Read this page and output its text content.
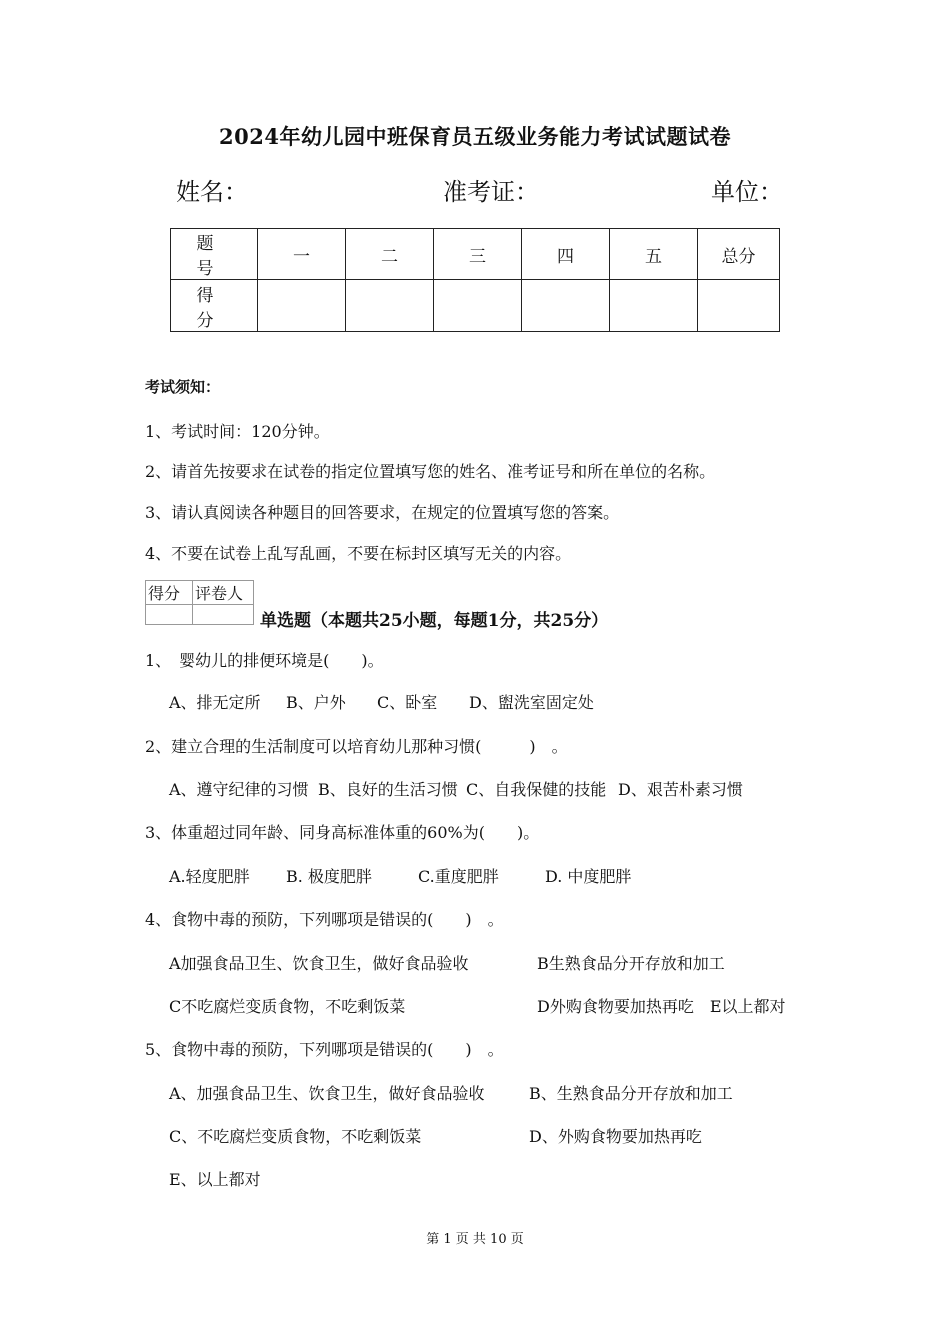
2024年幼儿园中班保育员五级业务能力考试试题试卷
姓名：	准考证：	单位：
题　号	一	二	三	四	五	总分
得　分						
考试须知：
1、考试时间：120分钟。
2、请首先按要求在试卷的指定位置填写您的姓名、准考证号和所在单位的名称。
3、请认真阅读各种题目的回答要求，在规定的位置填写您的答案。
4、不要在试卷上乱写乱画，不要在标封区填写无关的内容。
得分	评卷人

单选题（本题共25小题，每题1分，共25分）
1、　婴幼儿的排便环境是(　　)。
A、排无定所 B、户外 C、卧室 D、盥洗室固定处
2、建立合理的生活制度可以培育幼儿那种习惯(　　　)　。
A、遵守纪律的习惯 B、良好的生活习惯 C、自我保健的技能 D、艰苦朴素习惯
3、体重超过同年龄、同身高标准体重的60%为(　　)。
A.轻度肥胖 B. 极度肥胖	C.重度肥胖	D. 中度肥胖
4、食物中毒的预防，下列哪项是错误的(　　)　。
A加强食品卫生、饮食卫生，做好食品验收	B生熟食品分开存放和加工
C不吃腐烂变质食物，不吃剩饭菜	D外购食物要加热再吃　E以上都对
5、食物中毒的预防，下列哪项是错误的(　　)　。
A、加强食品卫生、饮食卫生，做好食品验收	B、生熟食品分开存放和加工
C、不吃腐烂变质食物，不吃剩饭菜	D、外购食物要加热再吃
E、以上都对
第 1 页 共 10 页
